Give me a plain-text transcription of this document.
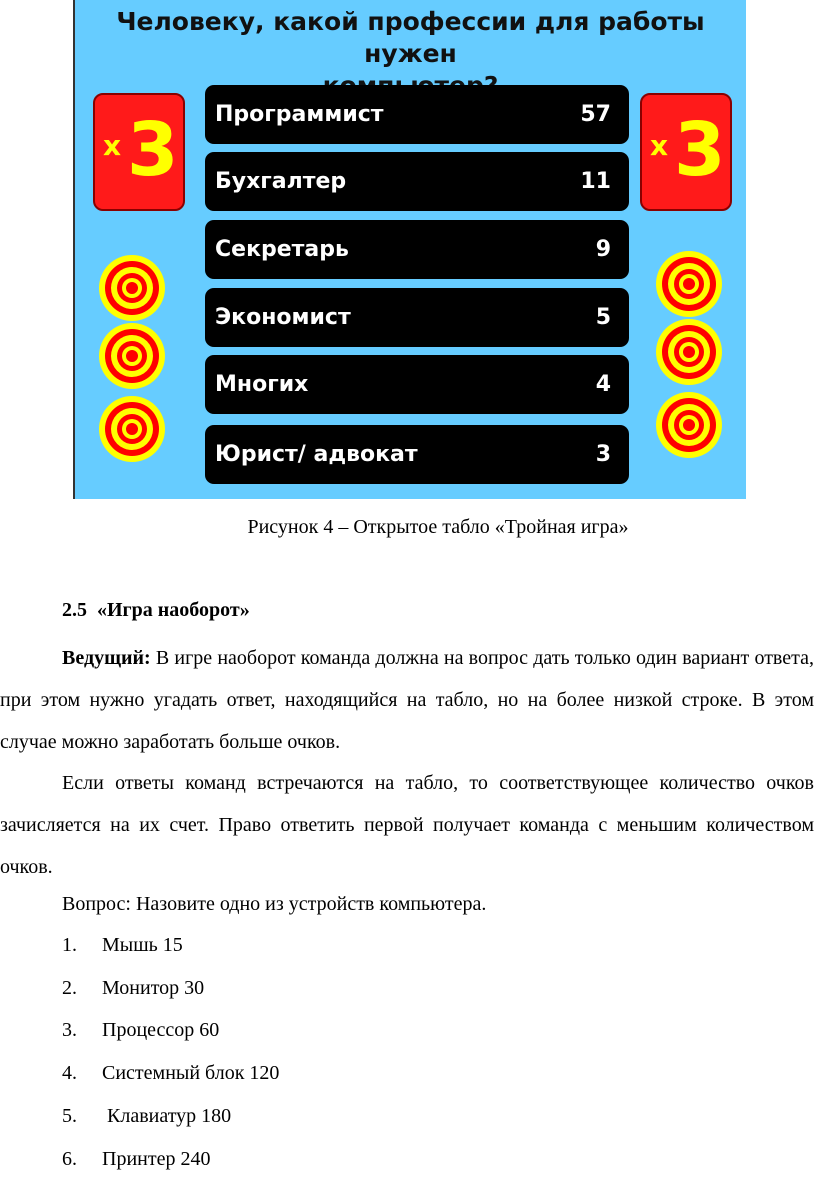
Человеку, какой профессии для работы нужен

x 3	x 3
Программист	57
Бухгалтер	11
Секретарь	9
Экономист	5
Многих	4
Юрист/ адвокат	3
Рисунок 4 – Открытое табло «Тройная игра»
2.5 «Игра наоборот»
Ведущий: В игре наоборот команда должна на вопрос дать только один вариант ответа, при этом нужно угадать ответ, находящийся на табло, но на более низкой строке. В этом случае можно заработать больше очков.
Если ответы команд встречаются на табло, то соответствующее количество очков зачисляется на их счет. Право ответить первой получает команда с меньшим количеством очков.
Вопрос: Назовите одно из устройств компьютера.
1. Мышь 15
2. Монитор 30
3. Процессор 60
4. Системный блок 120
5. Клавиатур 180
6. Принтер 240
